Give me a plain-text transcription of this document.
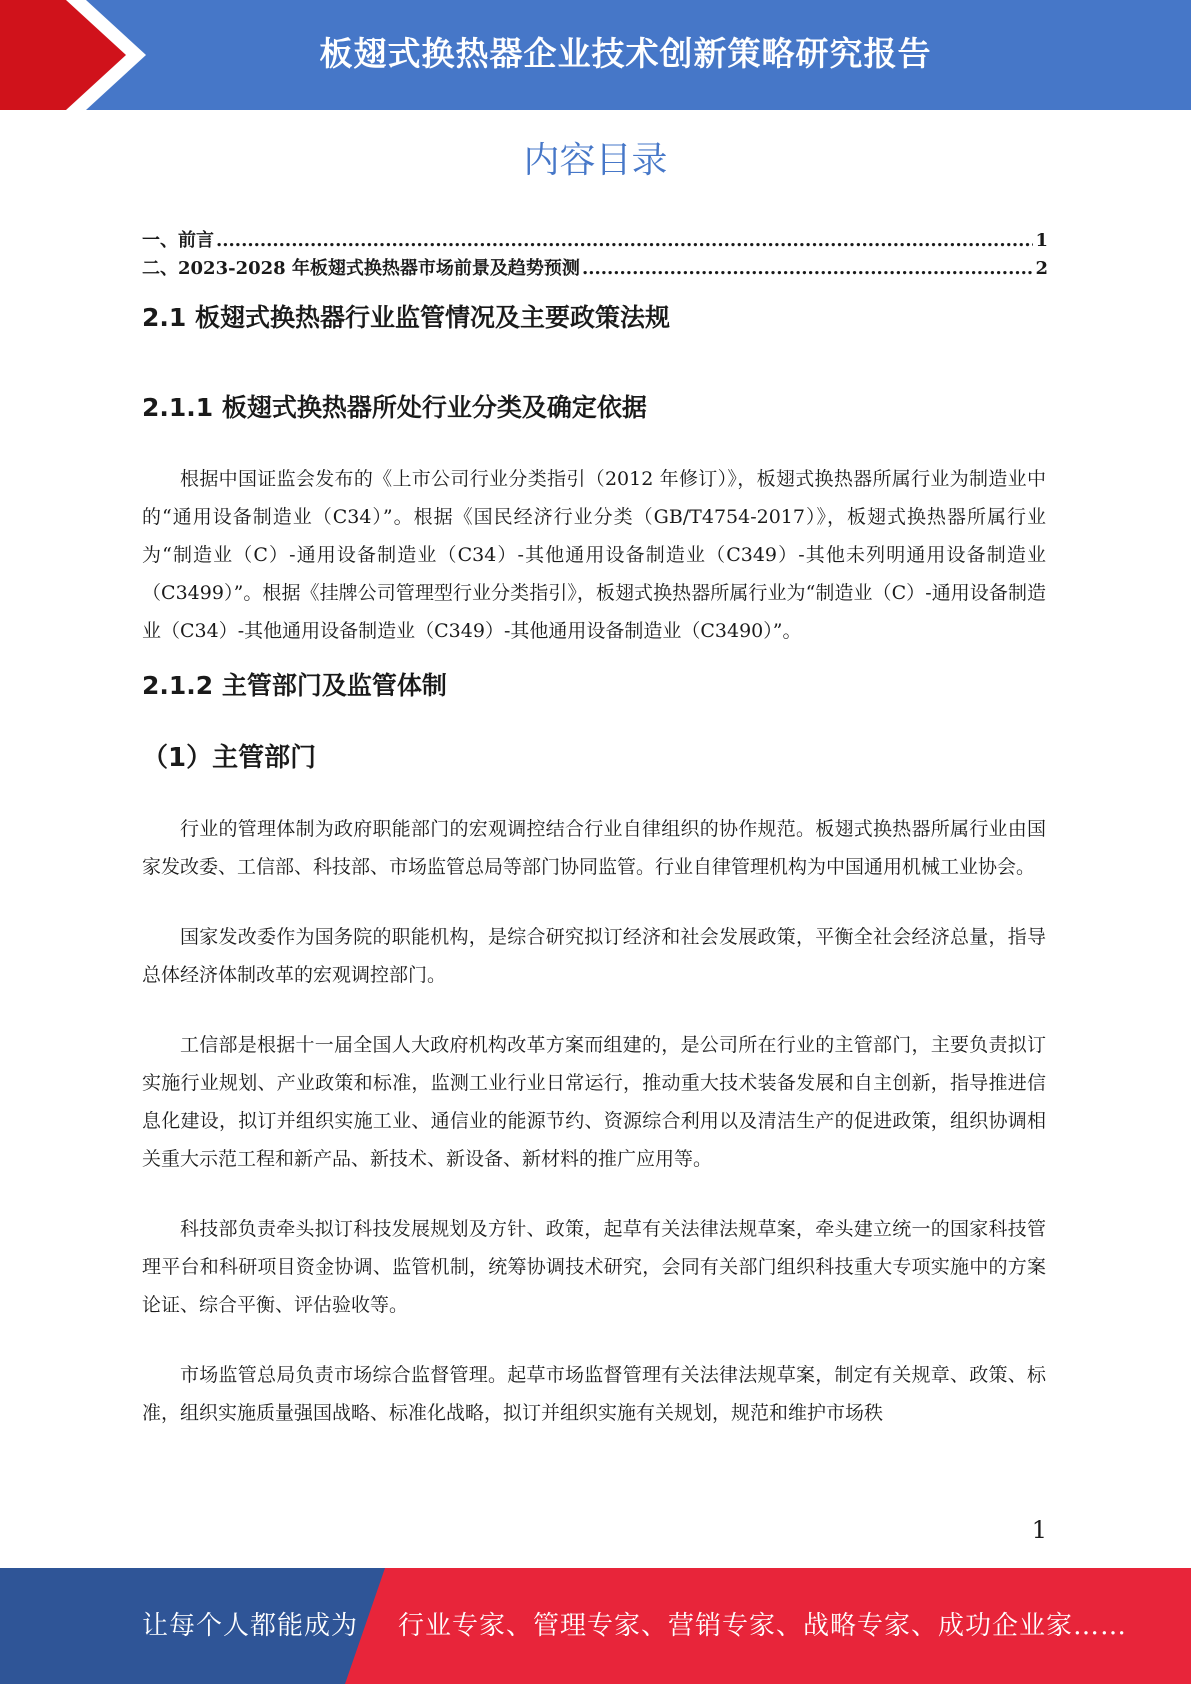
板翅式换热器企业技术创新策略研究报告
内容目录
一、前言 .....	1
二、2023-2028 年板翅式换热器市场前景及趋势预测 .....	2
2.1 板翅式换热器行业监管情况及主要政策法规
2.1.1 板翅式换热器所处行业分类及确定依据

根据中国证监会发布的《上市公司行业分类指引（2012 年修订）》，板翅式换热器所属行业为制造业中的“通用设备制造业（C34）”。根据《国民经济行业分类（GB/T4754-2017）》，板翅式换热器所属行业为“制造业（C）-通用设备制造业（C34）-其他通用设备制造业（C349）-其他未列明通用设备制造业（C3499）”。根据《挂牌公司管理型行业分类指引》，板翅式换热器所属行业为“制造业（C）-通用设备制造业（C34）-其他通用设备制造业（C349）-其他通用设备制造业（C3490）”。

2.1.2 主管部门及监管体制
（1）主管部门

行业的管理体制为政府职能部门的宏观调控结合行业自律组织的协作规范。板翅式换热器所属行业由国家发改委、工信部、科技部、市场监管总局等部门协同监管。行业自律管理机构为中国通用机械工业协会。

国家发改委作为国务院的职能机构，是综合研究拟订经济和社会发展政策，平衡全社会经济总量，指导总体经济体制改革的宏观调控部门。

工信部是根据十一届全国人大政府机构改革方案而组建的，是公司所在行业的主管部门，主要负责拟订实施行业规划、产业政策和标准，监测工业行业日常运行，推动重大技术装备发展和自主创新，指导推进信息化建设，拟订并组织实施工业、通信业的能源节约、资源综合利用以及清洁生产的促进政策，组织协调相关重大示范工程和新产品、新技术、新设备、新材料的推广应用等。

科技部负责牵头拟订科技发展规划及方针、政策，起草有关法律法规草案，牵头建立统一的国家科技管理平台和科研项目资金协调、监管机制，统筹协调技术研究，会同有关部门组织科技重大专项实施中的方案论证、综合平衡、评估验收等。

市场监管总局负责市场综合监督管理。起草市场监督管理有关法律法规草案，制定有关规章、政策、标准，组织实施质量强国战略、标准化战略，拟订并组织实施有关规划，规范和维护市场秩

1
让每个人都能成为 行业专家、管理专家、营销专家、战略专家、成功企业家……
